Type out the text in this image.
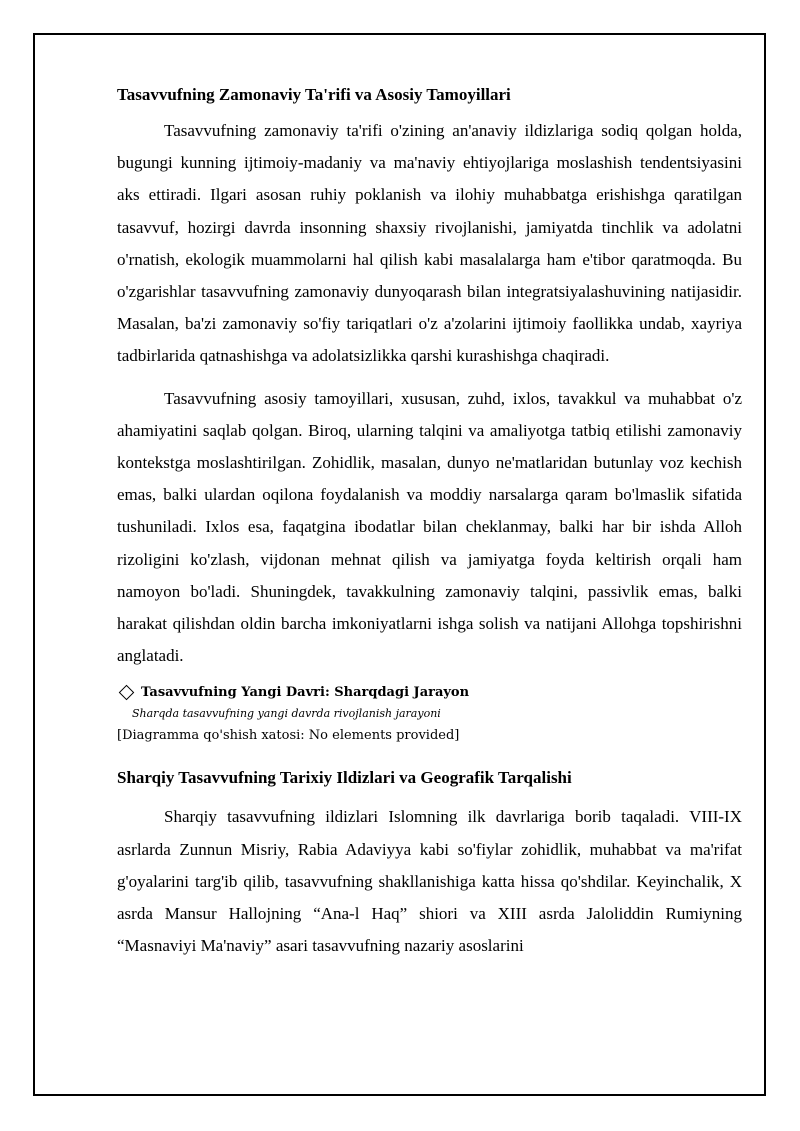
Tasavvufning Zamonaviy Ta'rifi va Asosiy Tamoyillari

Tasavvufning zamonaviy ta'rifi o'zining an'anaviy ildizlariga sodiq qolgan holda, bugungi kunning ijtimoiy-madaniy va ma'naviy ehtiyojlariga moslashish tendentsiyasini aks ettiradi. Ilgari asosan ruhiy poklanish va ilohiy muhabbatga erishishga qaratilgan tasavvuf, hozirgi davrda insonning shaxsiy rivojlanishi, jamiyatda tinchlik va adolatni o'rnatish, ekologik muammolarni hal qilish kabi masalalarga ham e'tibor qaratmoqda. Bu o'zgarishlar tasavvufning zamonaviy dunyoqarash bilan integratsiyalashuvining natijasidir. Masalan, ba'zi zamonaviy so'fiy tariqatlari o'z a'zolarini ijtimoiy faollikka undab, xayriya tadbirlarida qatnashishga va adolatsizlikka qarshi kurashishga chaqiradi.

Tasavvufning asosiy tamoyillari, xususan, zuhd, ixlos, tavakkul va muhabbat o'z ahamiyatini saqlab qolgan. Biroq, ularning talqini va amaliyotga tatbiq etilishi zamonaviy kontekstga moslashtirilgan. Zohidlik, masalan, dunyo ne'matlaridan butunlay voz kechish emas, balki ulardan oqilona foydalanish va moddiy narsalarga qaram bo'lmaslik sifatida tushuniladi. Ixlos esa, faqatgina ibodatlar bilan cheklanmay, balki har bir ishda Alloh rizoligini ko'zlash, vijdonan mehnat qilish va jamiyatga foyda keltirish orqali ham namoyon bo'ladi. Shuningdek, tavakkulning zamonaviy talqini, passivlik emas, balki harakat qilishdan oldin barcha imkoniyatlarni ishga solish va natijani Allohga topshirishni anglatadi.

Tasavvufning Yangi Davri: Sharqdagi Jarayon
Sharqda tasavvufning yangi davrda rivojlanish jarayoni
[Diagramma qo'shish xatosi: No elements provided]
Sharqiy Tasavvufning Tarixiy Ildizlari va Geografik Tarqalishi

Sharqiy tasavvufning ildizlari Islomning ilk davrlariga borib taqaladi. VIII-IX asrlarda Zunnun Misriy, Rabia Adaviyya kabi so'fiylar zohidlik, muhabbat va ma'rifat g'oyalarini targ'ib qilib, tasavvufning shakllanishiga katta hissa qo'shdilar. Keyinchalik, X asrda Mansur Hallojning “Ana-l Haq” shiori va XIII asrda Jaloliddin Rumiyning “Masnaviyi Ma'naviy” asari tasavvufning nazariy asoslarini
